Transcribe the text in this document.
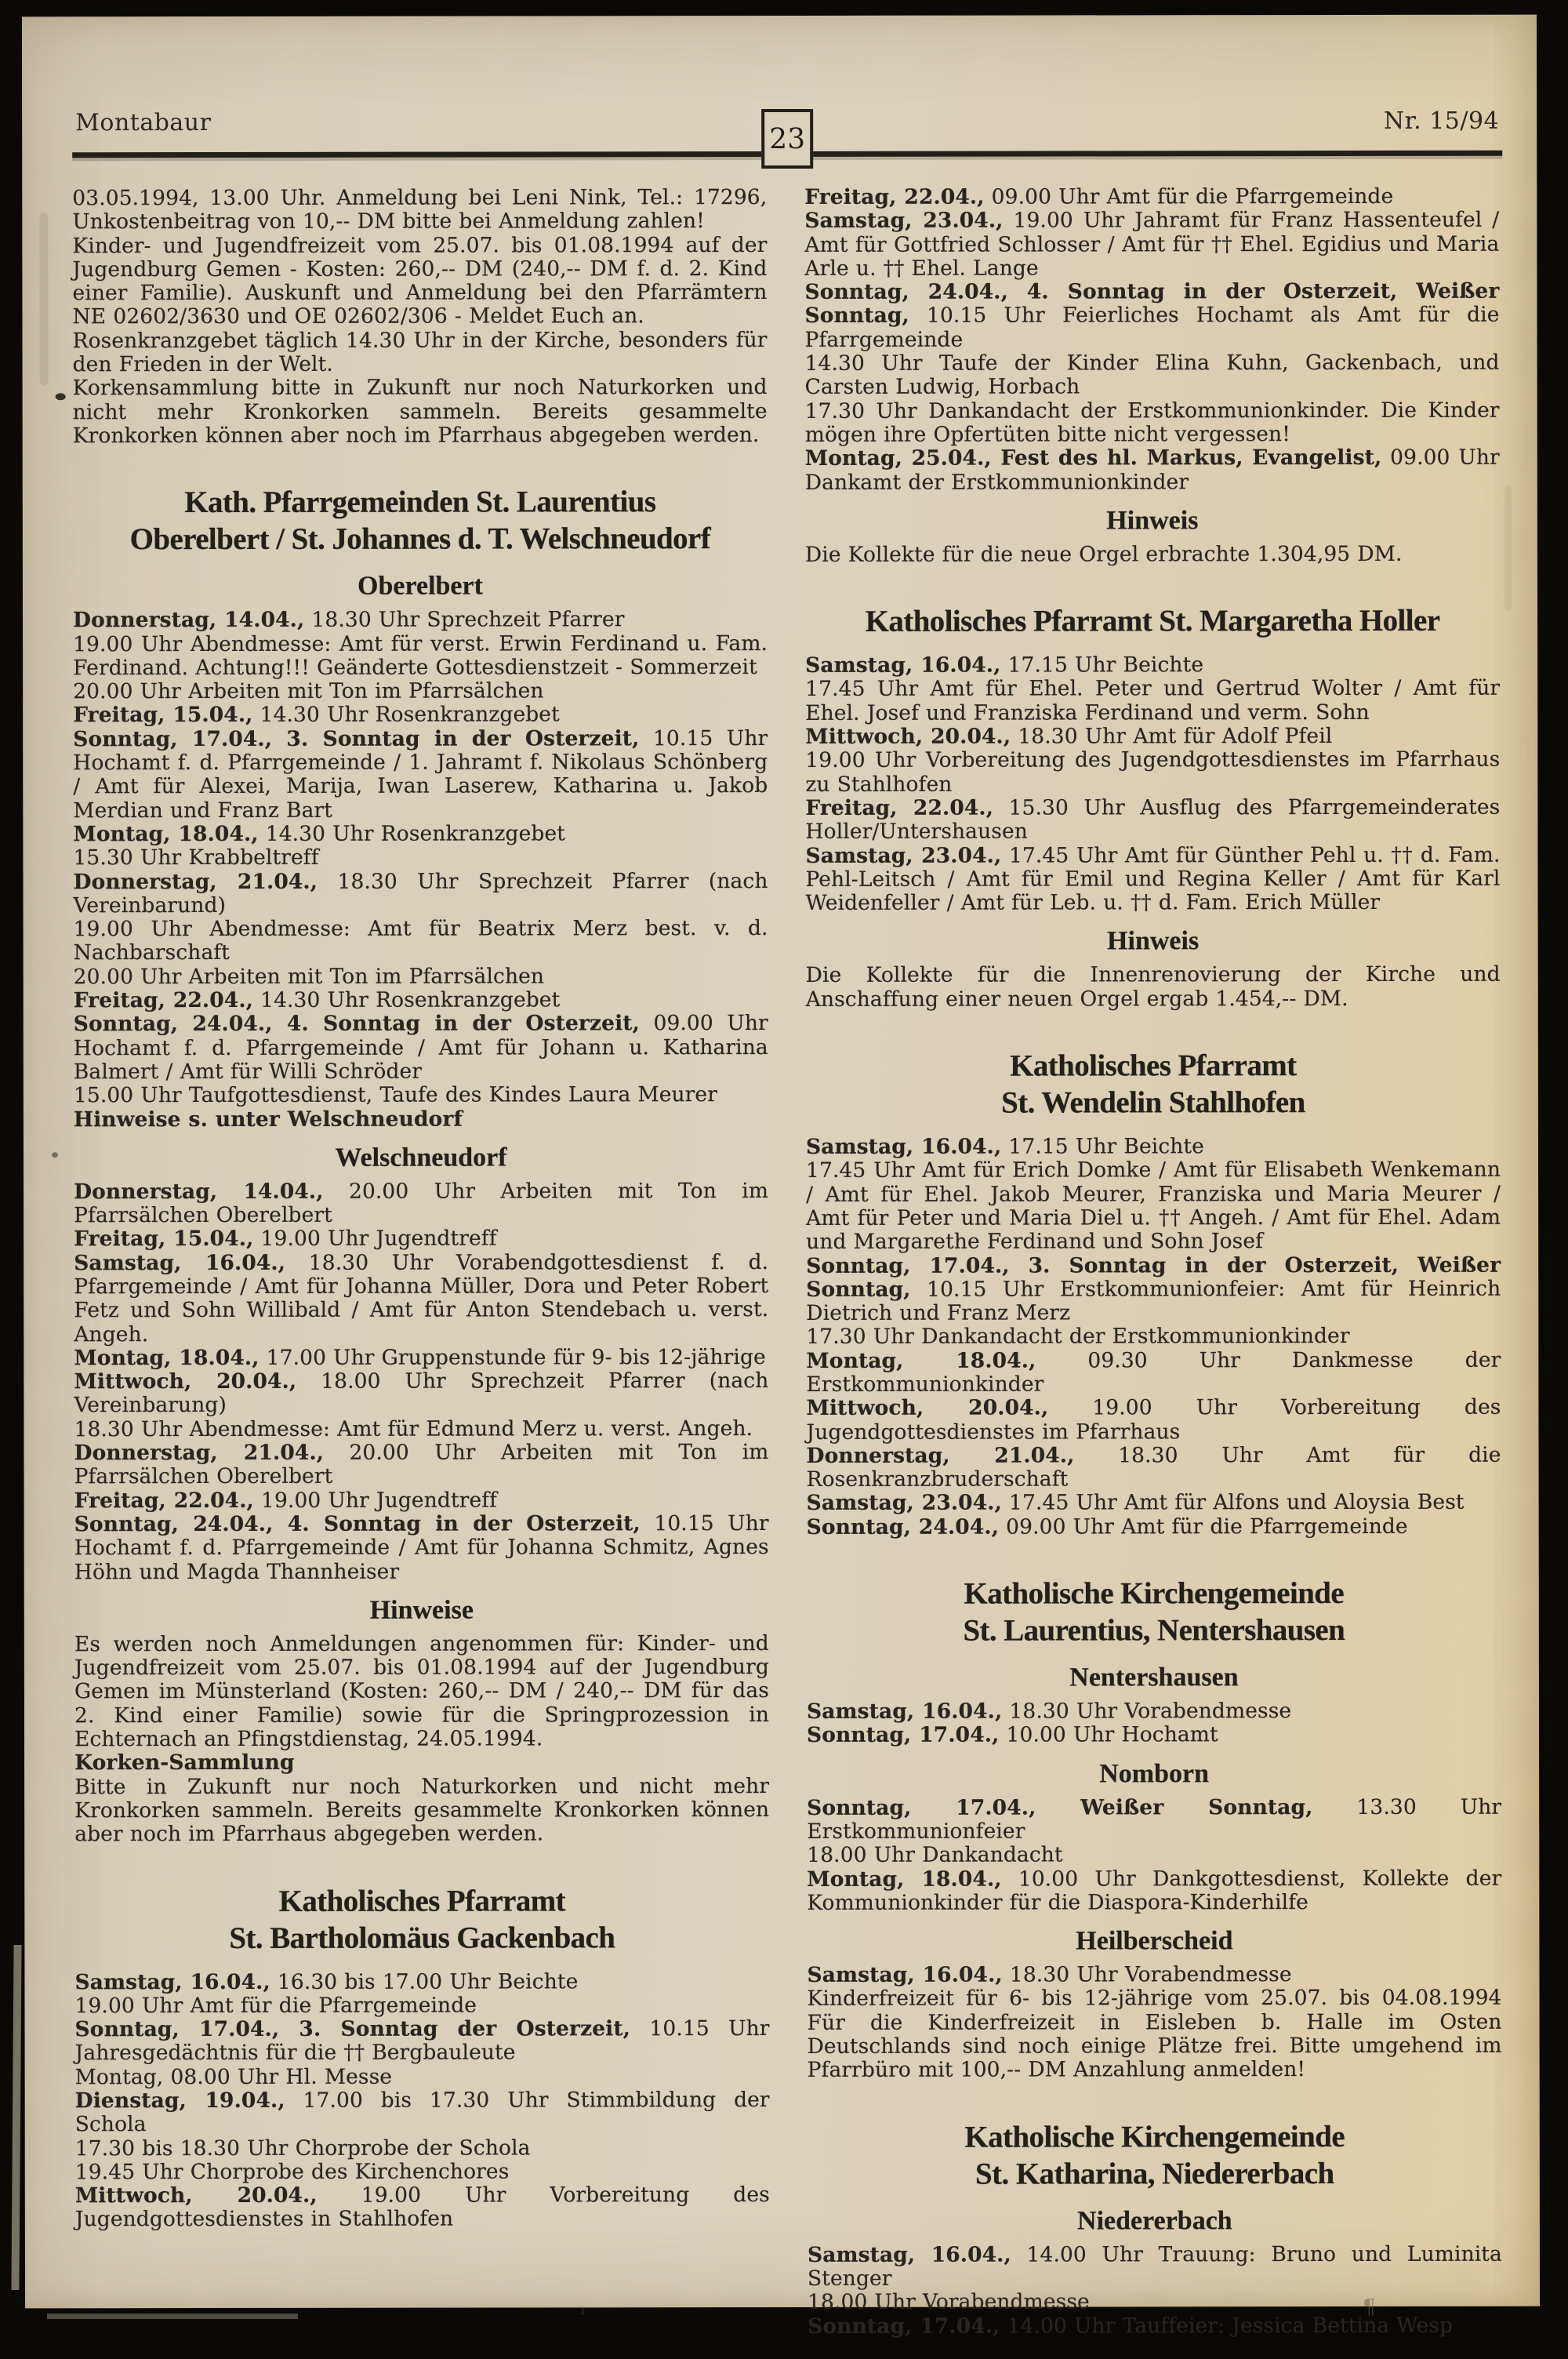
Montabaur	Nr. 15/94
23

03.05.1994, 13.00 Uhr. Anmeldung bei Leni Nink, Tel.: 17296, Unkostenbeitrag von 10,-- DM bitte bei Anmeldung zahlen!

Kinder- und Jugendfreizeit vom 25.07. bis 01.08.1994 auf der Jugendburg Gemen - Kosten: 260,-- DM (240,-- DM f. d. 2. Kind einer Familie). Auskunft und Anmeldung bei den Pfarrämtern NE 02602/3630 und OE 02602/306 - Meldet Euch an.

Rosenkranzgebet täglich 14.30 Uhr in der Kirche, besonders für den Frieden in der Welt.

Korkensammlung bitte in Zukunft nur noch Naturkorken und nicht mehr Kronkorken sammeln. Bereits gesammelte Kronkorken können aber noch im Pfarrhaus abgegeben werden.

Kath. Pfarrgemeinden St. Laurentius
Oberelbert / St. Johannes d. T. Welschneudorf
Oberelbert

Donnerstag, 14.04., 18.30 Uhr Sprechzeit Pfarrer

19.00 Uhr Abendmesse: Amt für verst. Erwin Ferdinand u. Fam. Ferdinand. Achtung!!! Geänderte Gottesdienstzeit - Sommerzeit

20.00 Uhr Arbeiten mit Ton im Pfarrsälchen

Freitag, 15.04., 14.30 Uhr Rosenkranzgebet

Sonntag, 17.04., 3. Sonntag in der Osterzeit, 10.15 Uhr Hochamt f. d. Pfarrgemeinde / 1. Jahramt f. Nikolaus Schönberg / Amt für Alexei, Marija, Iwan Laserew, Katharina u. Jakob Merdian und Franz Bart

Montag, 18.04., 14.30 Uhr Rosenkranzgebet

15.30 Uhr Krabbeltreff

Donnerstag, 21.04., 18.30 Uhr Sprechzeit Pfarrer (nach Vereinbarund)

19.00 Uhr Abendmesse: Amt für Beatrix Merz best. v. d. Nachbarschaft

20.00 Uhr Arbeiten mit Ton im Pfarrsälchen

Freitag, 22.04., 14.30 Uhr Rosenkranzgebet

Sonntag, 24.04., 4. Sonntag in der Osterzeit, 09.00 Uhr Hochamt f. d. Pfarrgemeinde / Amt für Johann u. Katharina Balmert / Amt für Willi Schröder

15.00 Uhr Taufgottesdienst, Taufe des Kindes Laura Meurer

Hinweise s. unter Welschneudorf

Welschneudorf

Donnerstag, 14.04., 20.00 Uhr Arbeiten mit Ton im Pfarrsälchen Oberelbert

Freitag, 15.04., 19.00 Uhr Jugendtreff

Samstag, 16.04., 18.30 Uhr Vorabendgottesdienst f. d. Pfarrgemeinde / Amt für Johanna Müller, Dora und Peter Robert Fetz und Sohn Willibald / Amt für Anton Stendebach u. verst. Angeh.

Montag, 18.04., 17.00 Uhr Gruppenstunde für 9- bis 12-jährige

Mittwoch, 20.04., 18.00 Uhr Sprechzeit Pfarrer (nach Vereinbarung)

18.30 Uhr Abendmesse: Amt für Edmund Merz u. verst. Angeh.

Donnerstag, 21.04., 20.00 Uhr Arbeiten mit Ton im Pfarrsälchen Oberelbert

Freitag, 22.04., 19.00 Uhr Jugendtreff

Sonntag, 24.04., 4. Sonntag in der Osterzeit, 10.15 Uhr Hochamt f. d. Pfarrgemeinde / Amt für Johanna Schmitz, Agnes Höhn und Magda Thannheiser

Hinweise

Es werden noch Anmeldungen angenommen für: Kinder- und Jugendfreizeit vom 25.07. bis 01.08.1994 auf der Jugendburg Gemen im Münsterland (Kosten: 260,-- DM / 240,-- DM für das 2. Kind einer Familie) sowie für die Springprozession in Echternach an Pfingstdienstag, 24.05.1994.

Korken-Sammlung

Bitte in Zukunft nur noch Naturkorken und nicht mehr Kronkorken sammeln. Bereits gesammelte Kronkorken können aber noch im Pfarrhaus abgegeben werden.

Katholisches Pfarramt
St. Bartholomäus Gackenbach

Samstag, 16.04., 16.30 bis 17.00 Uhr Beichte

19.00 Uhr Amt für die Pfarrgemeinde

Sonntag, 17.04., 3. Sonntag der Osterzeit, 10.15 Uhr Jahresgedächtnis für die †† Bergbauleute

Montag, 08.00 Uhr Hl. Messe

Dienstag, 19.04., 17.00 bis 17.30 Uhr Stimmbildung der Schola

17.30 bis 18.30 Uhr Chorprobe der Schola

19.45 Uhr Chorprobe des Kirchenchores

Mittwoch, 20.04., 19.00 Uhr Vorbereitung des Jugendgottesdienstes in Stahlhofen

Freitag, 22.04., 09.00 Uhr Amt für die Pfarrgemeinde

Samstag, 23.04., 19.00 Uhr Jahramt für Franz Hassenteufel / Amt für Gottfried Schlosser / Amt für †† Ehel. Egidius und Maria Arle u. †† Ehel. Lange

Sonntag, 24.04., 4. Sonntag in der Osterzeit, Weißer Sonntag, 10.15 Uhr Feierliches Hochamt als Amt für die Pfarrgemeinde

14.30 Uhr Taufe der Kinder Elina Kuhn, Gackenbach, und Carsten Ludwig, Horbach

17.30 Uhr Dankandacht der Erstkommunionkinder. Die Kinder mögen ihre Opfertüten bitte nicht vergessen!

Montag, 25.04., Fest des hl. Markus, Evangelist, 09.00 Uhr Dankamt der Erstkommunionkinder

Hinweis

Die Kollekte für die neue Orgel erbrachte 1.304,95 DM.

Katholisches Pfarramt St. Margaretha Holler

Samstag, 16.04., 17.15 Uhr Beichte

17.45 Uhr Amt für Ehel. Peter und Gertrud Wolter / Amt für Ehel. Josef und Franziska Ferdinand und verm. Sohn

Mittwoch, 20.04., 18.30 Uhr Amt für Adolf Pfeil

19.00 Uhr Vorbereitung des Jugendgottesdienstes im Pfarrhaus zu Stahlhofen

Freitag, 22.04., 15.30 Uhr Ausflug des Pfarrgemeinderates Holler/Untershausen

Samstag, 23.04., 17.45 Uhr Amt für Günther Pehl u. †† d. Fam. Pehl-Leitsch / Amt für Emil und Regina Keller / Amt für Karl Weidenfeller / Amt für Leb. u. †† d. Fam. Erich Müller

Hinweis

Die Kollekte für die Innenrenovierung der Kirche und Anschaffung einer neuen Orgel ergab 1.454,-- DM.

Katholisches Pfarramt
St. Wendelin Stahlhofen

Samstag, 16.04., 17.15 Uhr Beichte

17.45 Uhr Amt für Erich Domke / Amt für Elisabeth Wenkemann / Amt für Ehel. Jakob Meurer, Franziska und Maria Meurer / Amt für Peter und Maria Diel u. †† Angeh. / Amt für Ehel. Adam und Margarethe Ferdinand und Sohn Josef

Sonntag, 17.04., 3. Sonntag in der Osterzeit, Weißer Sonntag, 10.15 Uhr Erstkommunionfeier: Amt für Heinrich Dietrich und Franz Merz

17.30 Uhr Dankandacht der Erstkommunionkinder

Montag, 18.04., 09.30 Uhr Dankmesse der Erstkommunionkinder

Mittwoch, 20.04., 19.00 Uhr Vorbereitung des Jugendgottesdienstes im Pfarrhaus

Donnerstag, 21.04., 18.30 Uhr Amt für die Rosenkranzbruderschaft

Samstag, 23.04., 17.45 Uhr Amt für Alfons und Aloysia Best

Sonntag, 24.04., 09.00 Uhr Amt für die Pfarrgemeinde

Katholische Kirchengemeinde
St. Laurentius, Nentershausen
Nentershausen

Samstag, 16.04., 18.30 Uhr Vorabendmesse

Sonntag, 17.04., 10.00 Uhr Hochamt

Nomborn

Sonntag, 17.04., Weißer Sonntag, 13.30 Uhr Erstkommunionfeier

18.00 Uhr Dankandacht

Montag, 18.04., 10.00 Uhr Dankgottesdienst, Kollekte der Kommunionkinder für die Diaspora-Kinderhilfe

Heilberscheid

Samstag, 16.04., 18.30 Uhr Vorabendmesse

Kinderfreizeit für 6- bis 12-jährige vom 25.07. bis 04.08.1994 Für die Kinderfreizeit in Eisleben b. Halle im Osten Deutschlands sind noch einige Plätze frei. Bitte umgehend im Pfarrbüro mit 100,-- DM Anzahlung anmelden!

Katholische Kirchengemeinde
St. Katharina, Niedererbach
Niedererbach

Samstag, 16.04., 14.00 Uhr Trauung: Bruno und Luminita Stenger

18.00 Uhr Vorabendmesse

Sonntag, 17.04., 14.00 Uhr Tauffeier: Jessica Bettina Wesp

¶
ı
